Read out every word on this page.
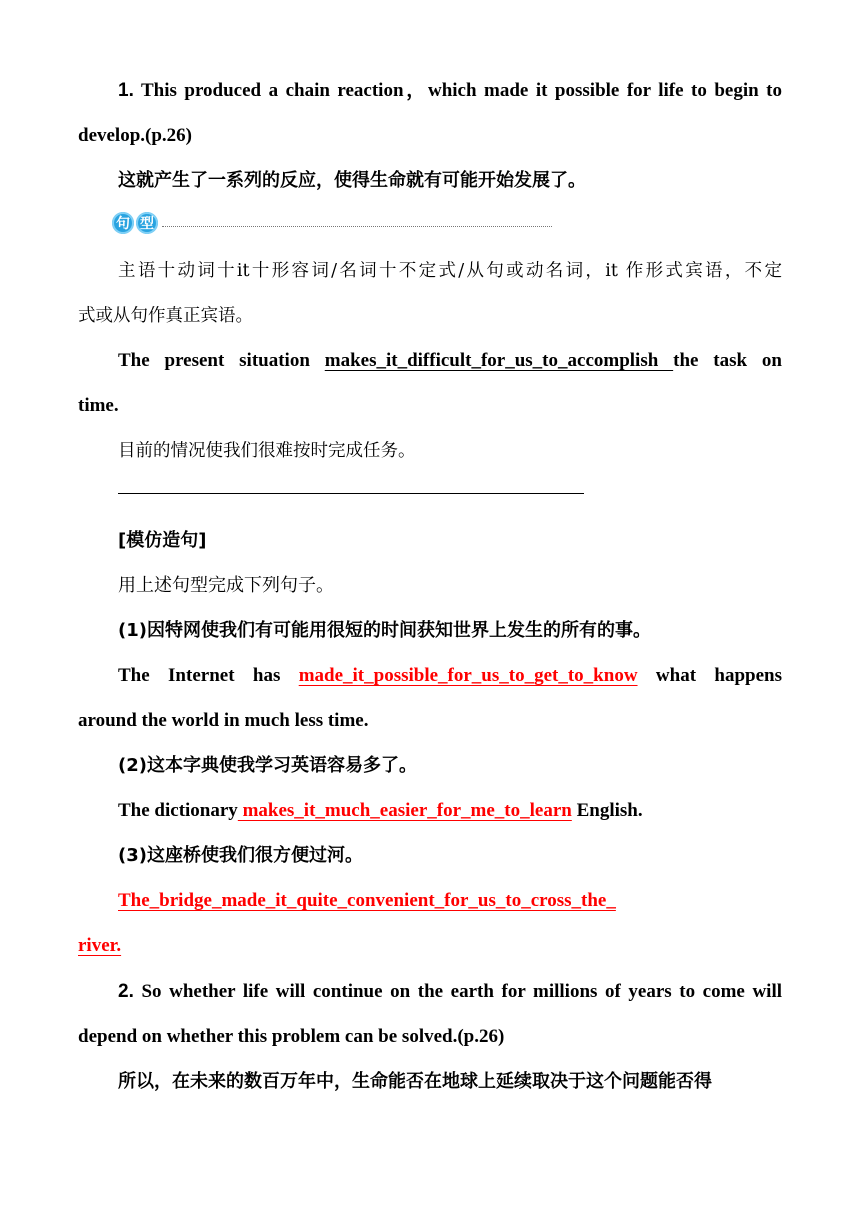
1. This produced a chain reaction，which made it possible for life to begin to
develop.(p.26)
这就产生了一系列的反应，使得生命就有可能开始发展了。
句 型
主语十动词十it十形容词/名词十不定式/从句或动名词，it 作形式宾语，不定
式或从句作真正宾语。
The present situation makes_it_difficult_for_us_to_accomplish the task on
time.
目前的情况使我们很难按时完成任务。
[模仿造句]
用上述句型完成下列句子。
(1)因特网使我们有可能用很短的时间获知世界上发生的所有的事。
The Internet has made_it_possible_for_us_to_get_to_know what happens
around the world in much less time.
(2)这本字典使我学习英语容易多了。
The dictionary makes_it_much_easier_for_me_to_learn English.
(3)这座桥使我们很方便过河。
The_bridge_made_it_quite_convenient_for_us_to_cross_the_
river.
2. So whether life will continue on the earth for millions of years to come will
depend on whether this problem can be solved.(p.26)
所以，在未来的数百万年中，生命能否在地球上延续取决于这个问题能否得
